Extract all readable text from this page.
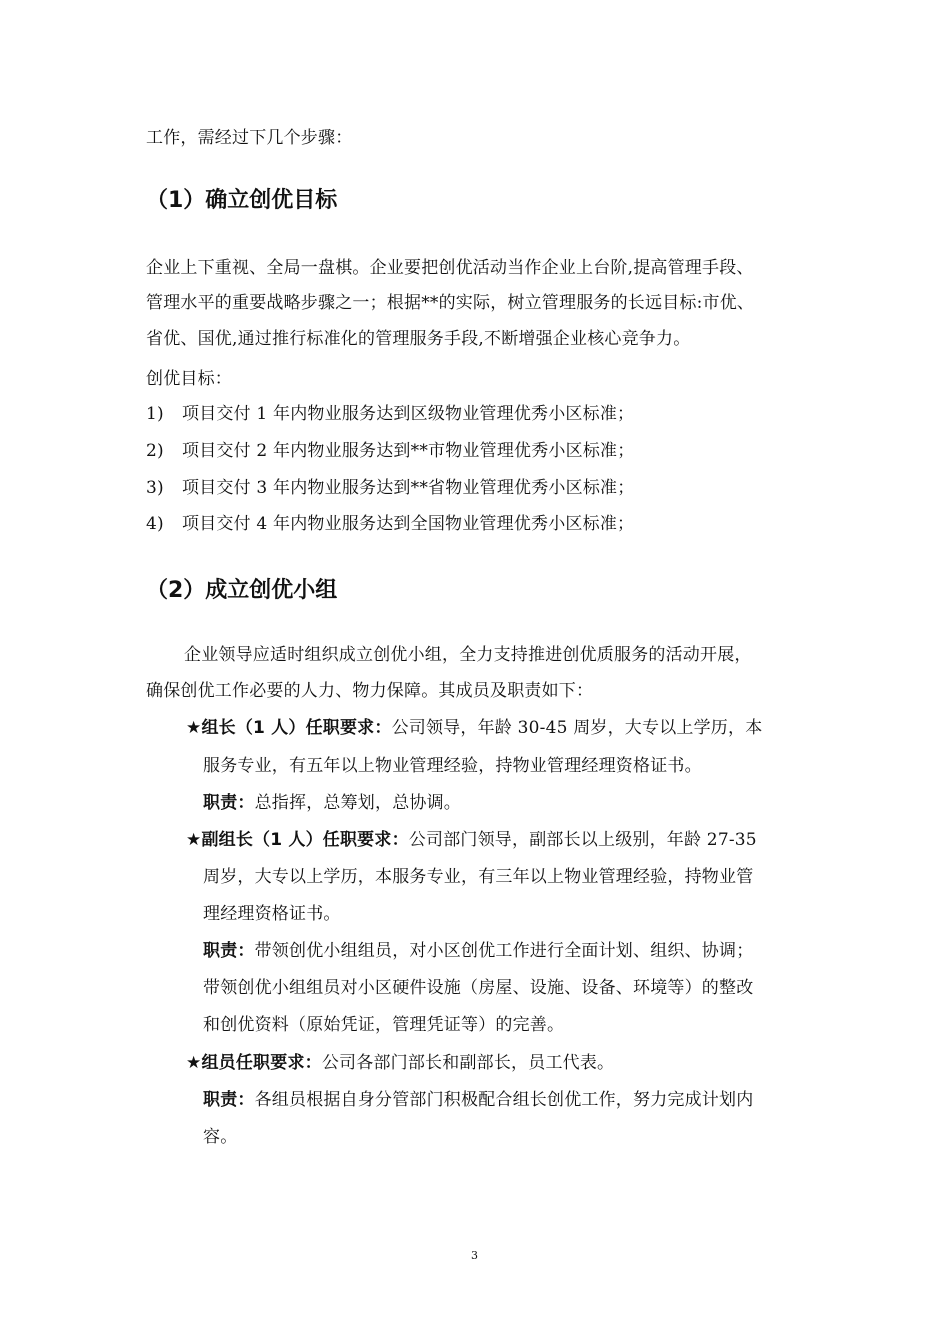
工作，需经过下几个步骤：
（1）确立创优目标
企业上下重视、全局一盘棋。企业要把创优活动当作企业上台阶,提高管理手段、
管理水平的重要战略步骤之一；根据**的实际，树立管理服务的长远目标:市优、
省优、国优,通过推行标准化的管理服务手段,不断增强企业核心竞争力。
创优目标：
1) 项目交付 1 年内物业服务达到区级物业管理优秀小区标准；
2) 项目交付 2 年内物业服务达到**市物业管理优秀小区标准；
3) 项目交付 3 年内物业服务达到**省物业管理优秀小区标准；
4) 项目交付 4 年内物业服务达到全国物业管理优秀小区标准；
（2）成立创优小组
企业领导应适时组织成立创优小组，全力支持推进创优质服务的活动开展，
确保创优工作必要的人力、物力保障。其成员及职责如下：
★组长（1 人）任职要求：公司领导，年龄 30-45 周岁，大专以上学历，本
服务专业，有五年以上物业管理经验，持物业管理经理资格证书。
职责：总指挥，总筹划，总协调。
★副组长（1 人）任职要求：公司部门领导，副部长以上级别，年龄 27-35
周岁，大专以上学历，本服务专业，有三年以上物业管理经验，持物业管
理经理资格证书。
职责：带领创优小组组员，对小区创优工作进行全面计划、组织、协调；
带领创优小组组员对小区硬件设施（房屋、设施、设备、环境等）的整改
和创优资料（原始凭证，管理凭证等）的完善。
★组员任职要求：公司各部门部长和副部长，员工代表。
职责：各组员根据自身分管部门积极配合组长创优工作，努力完成计划内
容。
3
